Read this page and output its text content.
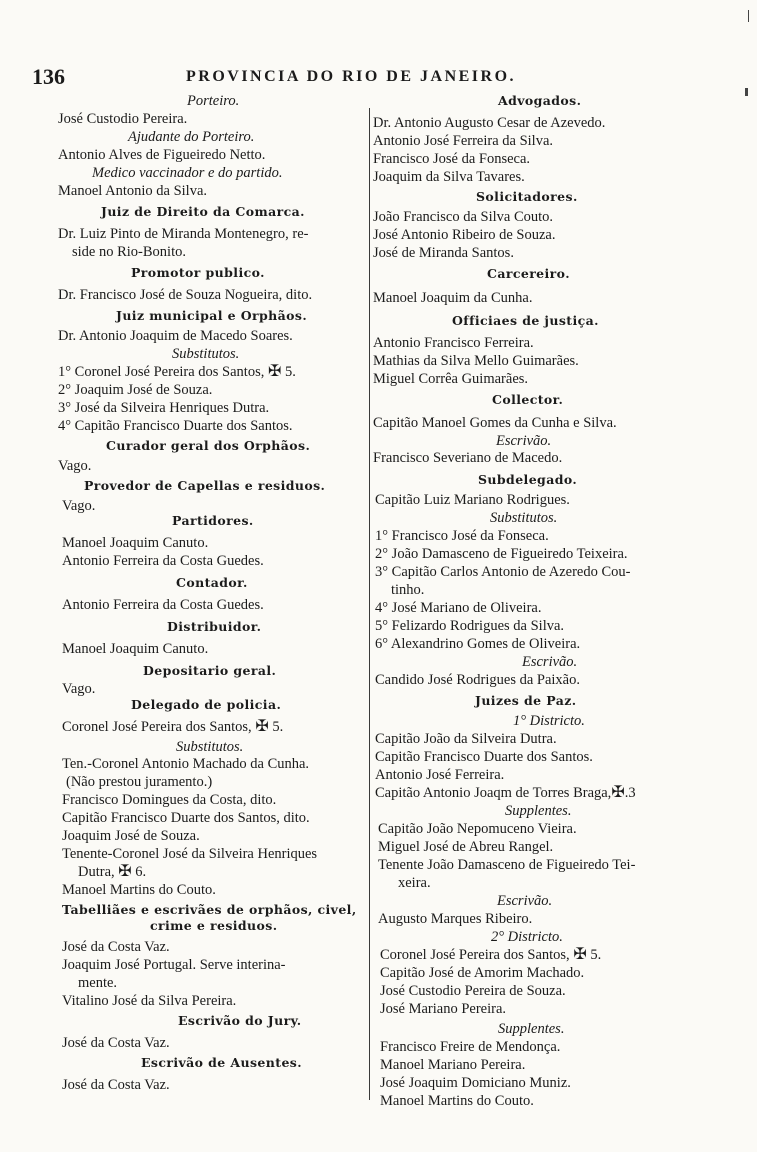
136	PROVINCIA DO RIO DE JANEIRO.
Porteiro.
José Custodio Pereira.
Ajudante do Porteiro.
Antonio Alves de Figueiredo Netto.
Medico vaccinador e do partido.
Manoel Antonio da Silva.
Juiz de Direito da Comarca.
Dr. Luiz Pinto de Miranda Montenegro, re-
side no Rio-Bonito.
Promotor publico.
Dr. Francisco José de Souza Nogueira, dito.
Juiz municipal e Orphãos.
Dr. Antonio Joaquim de Macedo Soares.
Substitutos.
1° Coronel José Pereira dos Santos, ✠ 5.
2° Joaquim José de Souza.
3° José da Silveira Henriques Dutra.
4° Capitão Francisco Duarte dos Santos.
Curador geral dos Orphãos.
Vago.
Provedor de Capellas e residuos.
Vago.
Partidores.
Manoel Joaquim Canuto.
Antonio Ferreira da Costa Guedes.
Contador.
Antonio Ferreira da Costa Guedes.
Distribuidor.
Manoel Joaquim Canuto.
Depositario geral.
Vago.
Delegado de policia.
Coronel José Pereira dos Santos, ✠ 5.
Substitutos.
Ten.-Coronel Antonio Machado da Cunha.
(Não prestou juramento.)
Francisco Domingues da Costa, dito.
Capitão Francisco Duarte dos Santos, dito.
Joaquim José de Souza.
Tenente-Coronel José da Silveira Henriques
Dutra, ✠ 6.
Manoel Martins do Couto.
Tabelliães e escrivães de orphãos, civel,
crime e residuos.
José da Costa Vaz.
Joaquim José Portugal. Serve interina-
mente.
Vitalino José da Silva Pereira.
Escrivão do Jury.
José da Costa Vaz.
Escrivão de Ausentes.
José da Costa Vaz.
Advogados.
Dr. Antonio Augusto Cesar de Azevedo.
Antonio José Ferreira da Silva.
Francisco José da Fonseca.
Joaquim da Silva Tavares.
Solicitadores.
João Francisco da Silva Couto.
José Antonio Ribeiro de Souza.
José de Miranda Santos.
Carcereiro.
Manoel Joaquim da Cunha.
Officiaes de justiça.
Antonio Francisco Ferreira.
Mathias da Silva Mello Guimarães.
Miguel Corrêa Guimarães.
Collector.
Capitão Manoel Gomes da Cunha e Silva.
Escrivão.
Francisco Severiano de Macedo.
Subdelegado.
Capitão Luiz Mariano Rodrigues.
Substitutos.
1° Francisco José da Fonseca.
2° João Damasceno de Figueiredo Teixeira.
3° Capitão Carlos Antonio de Azeredo Cou-
tinho.
4° José Mariano de Oliveira.
5° Felizardo Rodrigues da Silva.
6° Alexandrino Gomes de Oliveira.
Escrivão.
Candido José Rodrigues da Paixão.
Juizes de Paz.
1° Districto.
Capitão João da Silveira Dutra.
Capitão Francisco Duarte dos Santos.
Antonio José Ferreira.
Capitão Antonio Joaqm de Torres Braga,✠.3
Supplentes.
Capitão João Nepomuceno Vieira.
Miguel José de Abreu Rangel.
Tenente João Damasceno de Figueiredo Tei-
xeira.
Escrivão.
Augusto Marques Ribeiro.
2° Districto.
Coronel José Pereira dos Santos, ✠ 5.
Capitão José de Amorim Machado.
José Custodio Pereira de Souza.
José Mariano Pereira.
Supplentes.
Francisco Freire de Mendonça.
Manoel Mariano Pereira.
José Joaquim Domiciano Muniz.
Manoel Martins do Couto.
